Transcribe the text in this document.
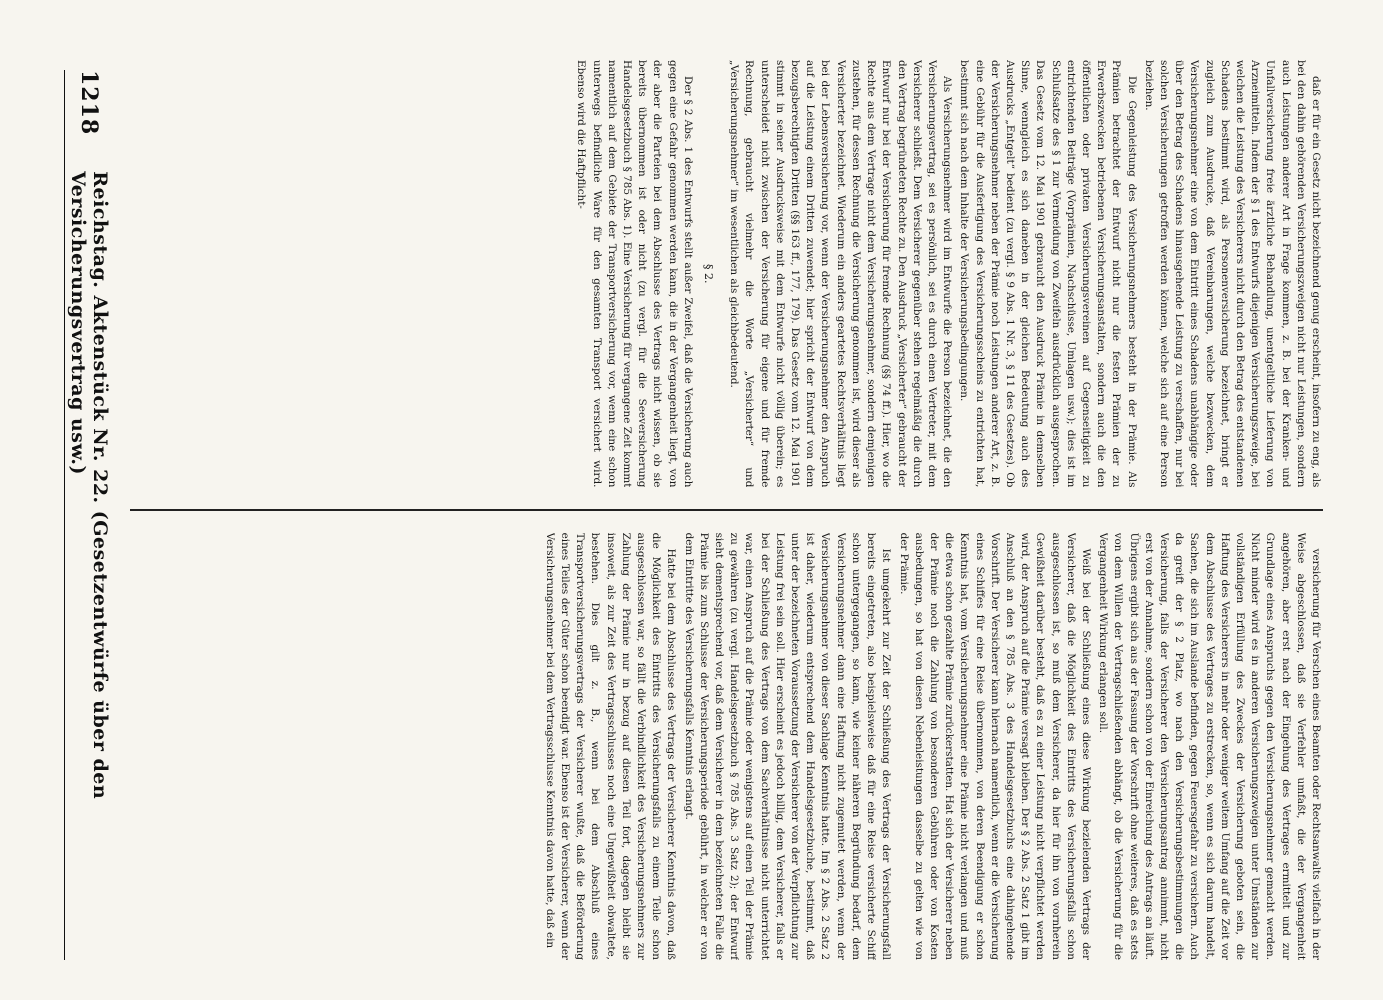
1218
Reichstag. Aktenstück Nr. 22. (Gesetzentwürfe über den Versicherungsvertrag usw.)	daß er für ein Gesetz nicht bezeichnend genug erscheint, insofern zu eng, als bei den dahin gehörenden Versicherungszweigen nicht nur Leistungen, sondern auch Leistungen anderer Art in Frage kommen, z. B. bei der Kranken- und Unfallversicherung freie ärztliche Behandlung, unentgeltliche Lieferung von Arzneimitteln. Indem der § 1 des Entwurfs diejenigen Versicherungszweige, bei welchen die Leistung des Versicherers nicht durch den Betrag des entstandenen Schadens bestimmt wird, als Personenversicherung bezeichnet, bringt er zugleich zum Ausdrucke, daß Vereinbarungen, welche bezwecken, dem Versicherungsnehmer eine von dem Eintritt eines Schadens unabhängige oder über den Betrag des Schadens hinausgehende Leistung zu verschaffen, nur bei solchen Versicherungen getroffen werden können, welche sich auf eine Person beziehen.

Die Gegenleistung des Versicherungsnehmers besteht in der Prämie. Als Prämien betrachtet der Entwurf nicht nur die festen Prämien der zu Erwerbszwecken betriebenen Versicherungsanstalten, sondern auch die den öffentlichen oder privaten Versicherungsvereinen auf Gegenseitigkeit zu entrichtenden Beiträge (Vorprämien, Nachschüsse, Umlagen usw.); dies ist im Schlußsatze des § 1 zur Vermeidung von Zweifeln ausdrücklich ausgesprochen. Das Gesetz vom 12. Mai 1901 gebraucht den Ausdruck Prämie in demselben Sinne, wenngleich es sich daneben in der gleichen Bedeutung auch des Ausdrucks „Entgelt“ bedient (zu vergl. § 9 Abs. 1 Nr. 3, § 11 des Gesetzes). Ob der Versicherungsnehmer neben der Prämie noch Leistungen anderer Art, z. B. eine Gebühr für die Ausfertigung des Versicherungsscheins zu entrichten hat, bestimmt sich nach dem Inhalte der Versicherungsbedingungen.

Als Versicherungsnehmer wird im Entwurfe die Person bezeichnet, die den Versicherungsvertrag, sei es persönlich, sei es durch einen Vertreter, mit dem Versicherer schließt. Dem Versicherer gegenüber stehen regelmäßig die durch den Vertrag begründeten Rechte zu. Den Ausdruck „Versicherter“ gebraucht der Entwurf nur bei der Versicherung für fremde Rechnung (§§ 74 ff.). Hier, wo die Rechte aus dem Vertrage nicht dem Versicherungsnehmer, sondern demjenigen zustehen, für dessen Rechnung die Versicherung genommen ist, wird dieser als Versicherter bezeichnet. Wiederum ein anders geartetes Rechtsverhältnis liegt bei der Lebensversicherung vor, wenn der Versicherungsnehmer den Anspruch auf die Leistung einem Dritten zuwendet; hier spricht der Entwurf von dem bezugsberechtigten Dritten (§§ 163 ff., 177, 179). Das Gesetz vom 12. Mai 1901 stimmt in seiner Ausdrucksweise mit dem Entwurfe nicht völlig überein; es unterscheidet nicht zwischen der Versicherung für eigene und für fremde Rechnung, gebraucht vielmehr die Worte „Versicherter“ und „Versicherungsnehmer“ im wesentlichen als gleichbedeutend.

§ 2.

Der § 2 Abs. 1 des Entwurfs stellt außer Zweifel, daß die Versicherung auch gegen eine Gefahr genommen werden kann, die in der Vergangenheit liegt, von der aber die Parteien bei dem Abschlusse des Vertrags nicht wissen, ob sie bereits übernommen ist oder nicht (zu vergl. für die Seeversicherung Handelsgesetzbuch § 785 Abs. 1). Eine Versicherung für vergangene Zeit kommt namentlich auf dem Gebiete der Transportversicherung vor, wenn eine schon unterwegs befindliche Ware für den gesamten Transport versichert wird. Ebenso wird die Haftpflicht-

versicherung für Verschen eines Beamten oder Rechtsanwalts vielfach in der Weise abgeschlossen, daß sie Verfehler umfaßt, die der Vergangenheit angehören, aber erst nach der Eingehung des Vertrages ermittelt und zur Grundlage eines Anspruchs gegen den Versicherungsnehmer gemacht werden. Nicht minder wird es in anderen Versicherungszweigen unter Umständen zur vollständigen Erfüllung des Zweckes der Versicherung geboten sein, die Haftung des Versicherers in mehr oder weniger weitem Umfang auf die Zeit vor dem Abschlusse des Vertrages zu erstrecken, so, wenn es sich darum handelt, Sachen, die sich im Auslande befinden, gegen Feuersgefahr zu versichern. Auch da greift der § 2 Platz, wo nach den Versicherungsbestimmungen die Versicherung, falls der Versicherer den Versicherungsantrag annimmt, nicht erst von der Annahme, sondern schon von der Einreichung des Antrags an läuft. Übrigens ergibt sich aus der Fassung der Vorschrift ohne weiteres, daß es stets von dem Willen der Vertragschließenden abhängt, ob die Versicherung für die Vergangenheit Wirkung erlangen soll.

Weiß bei der Schließung eines diese Wirkung bezielenden Vertrags der Versicherer, daß die Möglichkeit des Eintritts des Versicherungsfalls schon ausgeschlossen ist, so muß dem Versicherer, da hier für ihn von vornherein Gewißheit darüber besteht, daß es zu einer Leistung nicht verpflichtet werden wird, der Anspruch auf die Prämie versagt bleiben. Der § 2 Abs. 2 Satz 1 gibt im Anschluß an den § 785 Abs. 3 des Handelsgesetzbuchs eine dahingehende Vorschrift. Der Versicherer kann hiernach namentlich, wenn er die Versicherung eines Schiffes für eine Reise übernommen, von deren Beendigung er schon Kenntnis hat, vom Versicherungsnehmer eine Prämie nicht verlangen und muß die etwa schon gezahlte Prämie zurückerstatten. Hat sich der Versicherer neben der Prämie noch die Zahlung von besonderen Gebühren oder von Kosten ausbedungen, so hat von diesen Nebenleistungen dasselbe zu gelten wie von der Prämie.

Ist umgekehrt zur Zeit der Schließung des Vertrags der Versicherungsfall bereits eingetreten, also beispielsweise daß für eine Reise versicherte Schiff schon untergegangen, so kann, wie keiner näheren Begründung bedarf, dem Versicherungsnehmer dann eine Haftung nicht zugemutet werden, wenn der Versicherungsnehmer von dieser Sachlage Kenntnis hatte. Im § 2 Abs. 2 Satz 2 ist daher, wiederum entsprechend dem Handelsgesetzbuche, bestimmt, daß unter der bezeichneten Voraussetzung der Versicherer von der Verpflichtung zur Leistung frei sein soll. Hier erscheint es jedoch billig, dem Versicherer, falls er bei der Schließung des Vertrags von dem Sachverhältnisse nicht unterrichtet war, einen Anspruch auf die Prämie oder wenigstens auf einen Teil der Prämie zu gewähren (zu vergl. Handelsgesetzbuch § 785 Abs. 3 Satz 2); der Entwurf sieht dementsprechend vor, daß dem Versicherer in dem bezeichneten Falle die Prämie bis zum Schlusse der Versicherungsperiode gebührt, in welcher er von dem Eintritte des Versicherungsfalls Kenntnis erlangt.

Hatte bei dem Abschlusse des Vertrags der Versicherer Kenntnis davon, daß die Möglichkeit des Eintritts des Versicherungsfalls zu einem Teile schon ausgeschlossen war, so fällt die Verbindlichkeit des Versicherungsnehmers zur Zahlung der Prämie nur in bezug auf diesen Teil fort, dagegen bleibt sie insoweit, als zur Zeit des Vertragsschlusses noch eine Ungewißheit obwaltete, bestehen. Dies gilt z. B., wenn bei dem Abschluß eines Transportversicherungsvertrags der Versicherer wußte, daß die Beförderung eines Teiles der Güter schon beendigt war. Ebenso ist der Versicherer, wenn der Versicherungsnehmer bei dem Vertragsschlusse Kenntnis davon hatte, daß ein
